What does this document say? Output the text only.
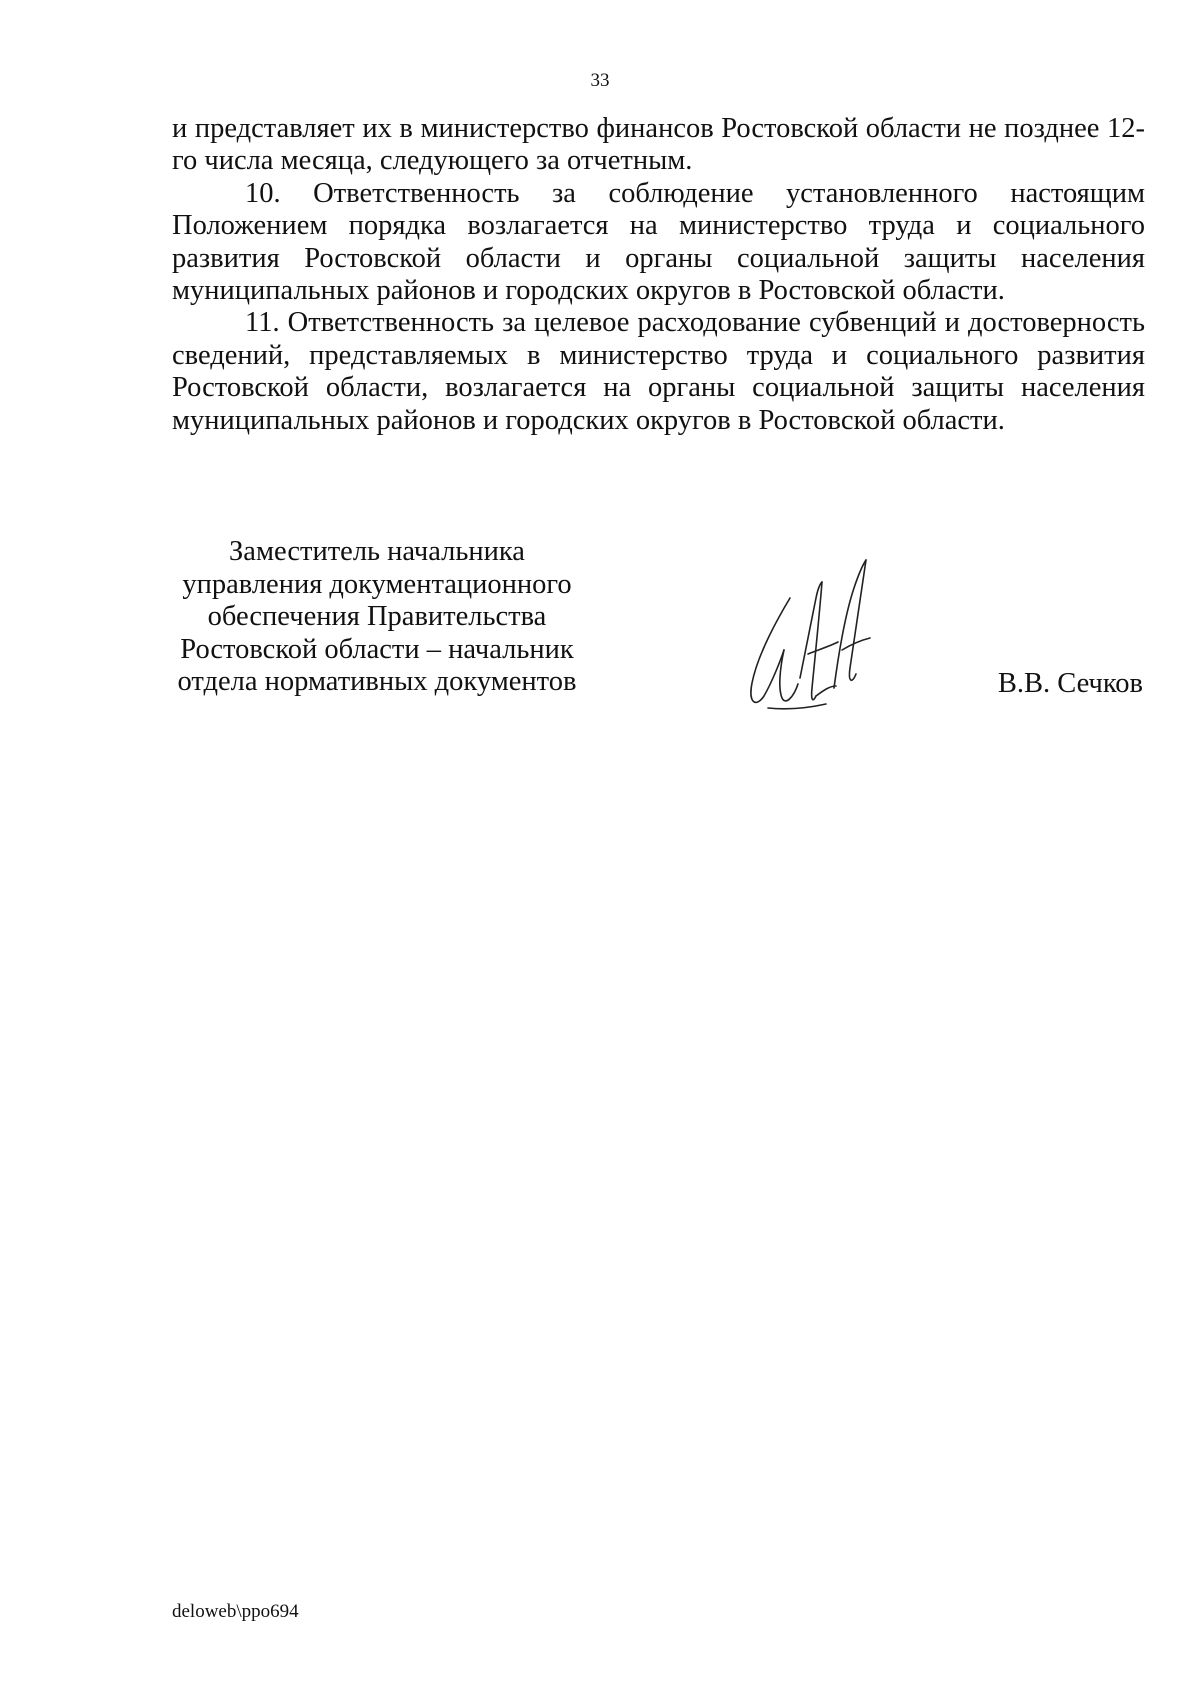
33

и представляет их в министерство финансов Ростовской области не позднее 12-го числа месяца, следующего за отчетным.

10. Ответственность за соблюдение установленного настоящим Положением порядка возлагается на министерство труда и социального развития Ростовской области и органы социальной защиты населения муниципальных районов и городских округов в Ростовской области.

11. Ответственность за целевое расходование субвенций и достоверность сведений, представляемых в министерство труда и социального развития Ростовской области, возлагается на органы социальной защиты населения муниципальных районов и городских округов в Ростовской области.

Заместитель начальника
управления документационного
обеспечения Правительства
Ростовской области – начальник
отдела нормативных документов	В.В. Сечков
deloweb\ppo694
